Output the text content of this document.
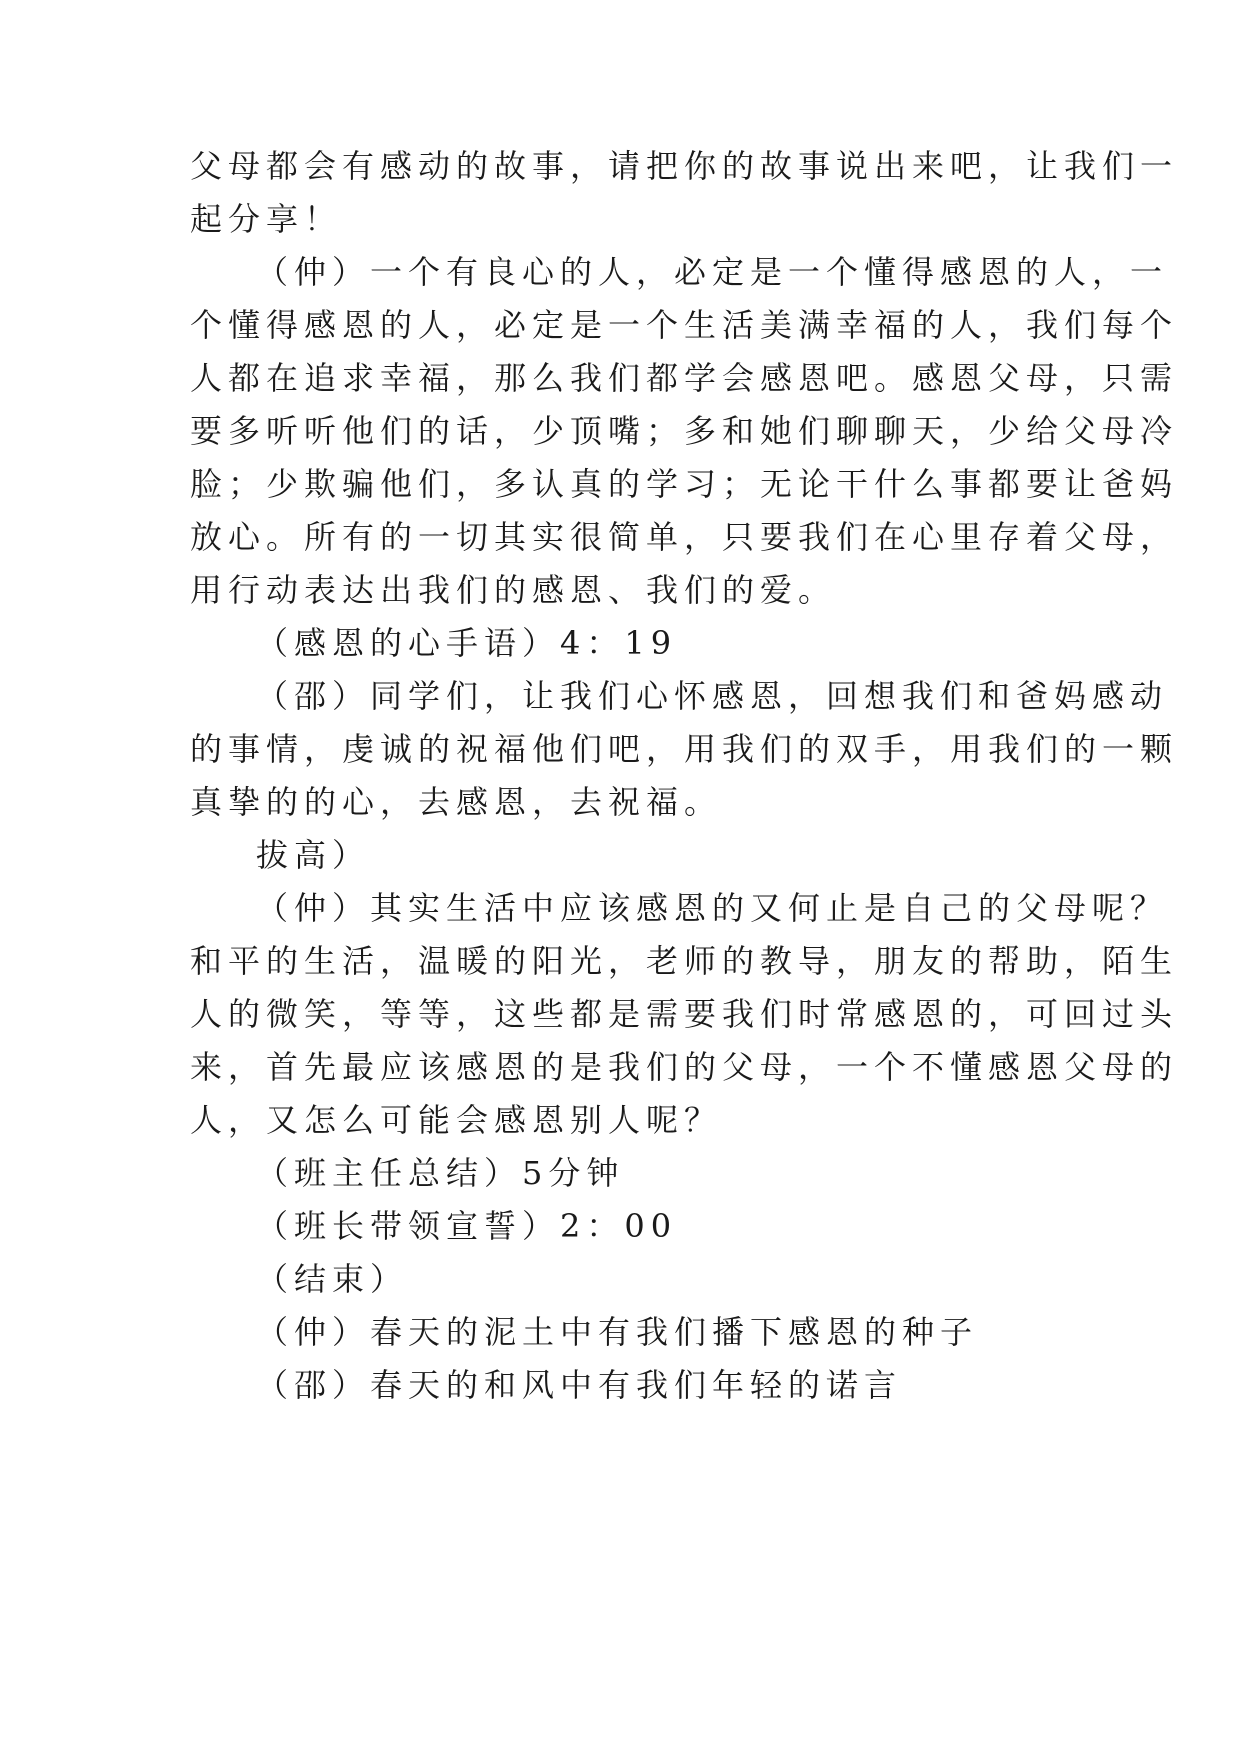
父母都会有感动的故事，请把你的故事说出来吧，让我们一
起分享！
（仲）一个有良心的人，必定是一个懂得感恩的人，一
个懂得感恩的人，必定是一个生活美满幸福的人，我们每个
人都在追求幸福，那么我们都学会感恩吧。感恩父母，只需
要多听听他们的话，少顶嘴；多和她们聊聊天，少给父母冷
脸；少欺骗他们，多认真的学习；无论干什么事都要让爸妈
放心。所有的一切其实很简单，只要我们在心里存着父母，
用行动表达出我们的感恩、我们的爱。
（感恩的心手语）4：19
（邵）同学们，让我们心怀感恩，回想我们和爸妈感动
的事情，虔诚的祝福他们吧，用我们的双手，用我们的一颗
真挚的的心，去感恩，去祝福。
拔高）
（仲）其实生活中应该感恩的又何止是自己的父母呢？
和平的生活，温暖的阳光，老师的教导，朋友的帮助，陌生
人的微笑，等等，这些都是需要我们时常感恩的，可回过头
来，首先最应该感恩的是我们的父母，一个不懂感恩父母的
人，又怎么可能会感恩别人呢？
（班主任总结）5分钟
（班长带领宣誓）2：00
（结束）
（仲）春天的泥土中有我们播下感恩的种子
（邵）春天的和风中有我们年轻的诺言
